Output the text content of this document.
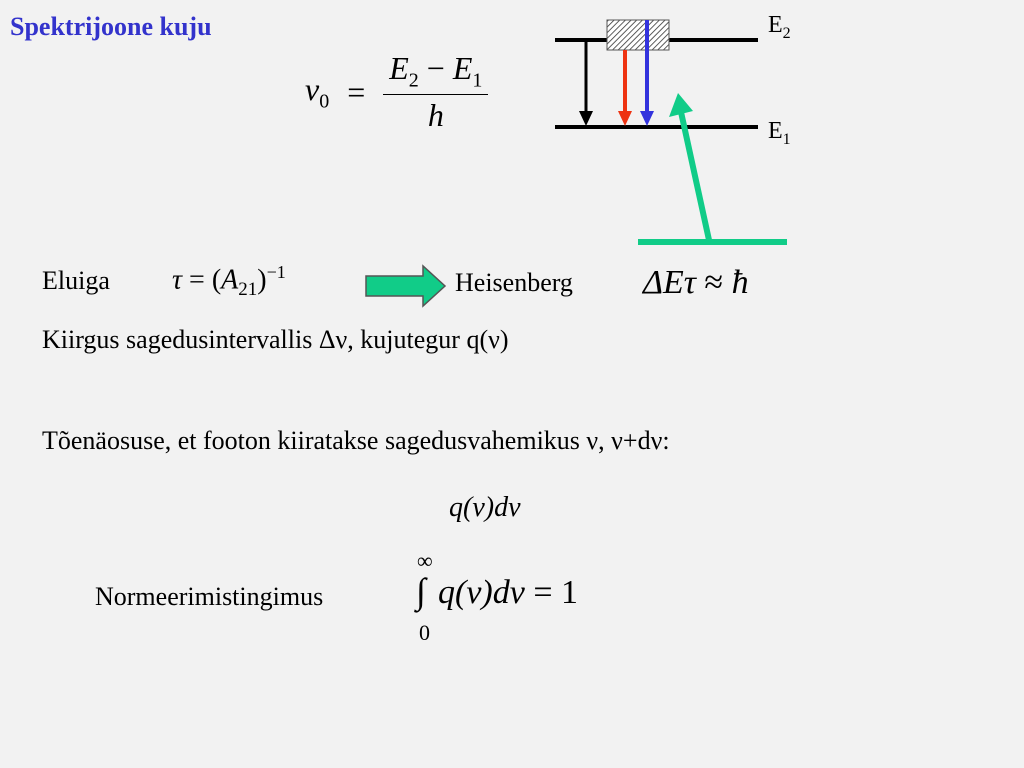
Spektrijoone kuju	$E_2$
$E_1$
$\nu_0 = \frac{E_2 - E_1}{h}$
Eluiga $\tau = (A_{21})^{-1}$	Heisenberg ΔEτ ≈ ħ
Kiirgus sagedusintervallis Δν, kujutegur q(ν)
Tõenäosuse, et footon kiiratakse sagedusvahemikus ν, ν+dν:
q(ν)dν
Normeerimistingimus
∞
∫
0
q(ν)dν = 1
